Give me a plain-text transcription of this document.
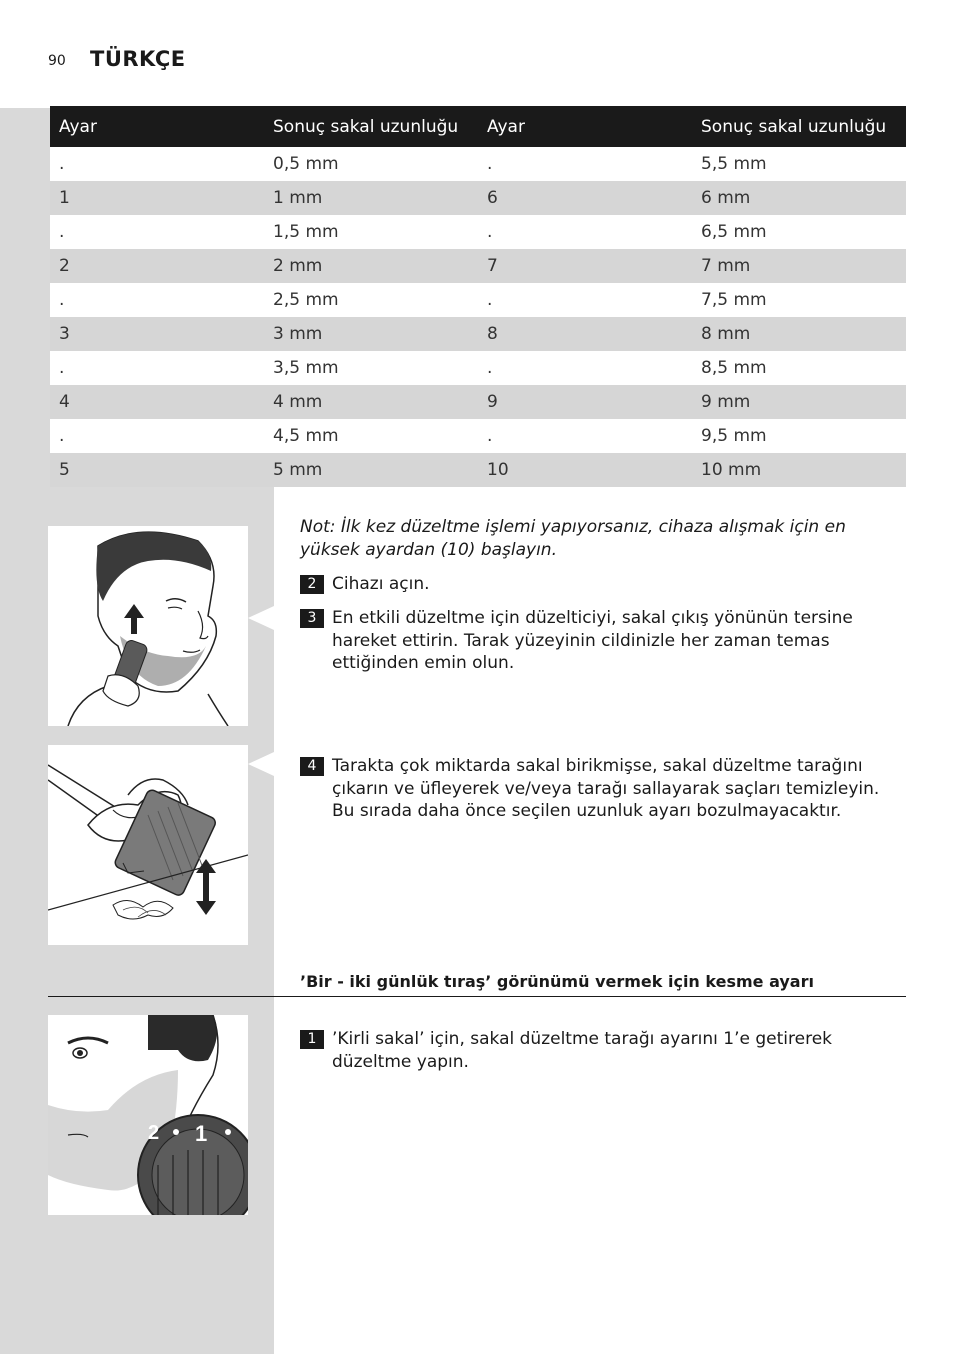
90 TÜRKÇE
Ayar	Sonuç sakal uzunluğu	Ayar	Sonuç sakal uzunluğu
.	0,5 mm	.	5,5 mm
1	1 mm	6	6 mm
.	1,5 mm	.	6,5 mm
2	2 mm	7	7 mm
.	2,5 mm	.	7,5 mm
3	3 mm	8	8 mm
.	3,5 mm	.	8,5 mm
4	4 mm	9	9 mm
.	4,5 mm	.	9,5 mm
5	5 mm	10	10 mm
1
2
Not: İlk kez düzeltme işlemi yapıyorsanız, cihaza alışmak için en yüksek ayardan (10) başlayın.
2 Cihazı açın.
3 En etkili düzeltme için düzelticiyi, sakal çıkış yönünün tersine hareket ettirin. Tarak yüzeyinin cildinizle her zaman temas ettiğinden emin olun.
4 Tarakta çok miktarda sakal birikmişse, sakal düzeltme tarağını çıkarın ve üfleyerek ve/veya tarağı sallayarak saçları temizleyin. Bu sırada daha önce seçilen uzunluk ayarı bozulmayacaktır.
’Bir - iki günlük tıraş’ görünümü vermek için kesme ayarı
1 ’Kirli sakal’ için, sakal düzeltme tarağı ayarını 1’e getirerek düzeltme yapın.
